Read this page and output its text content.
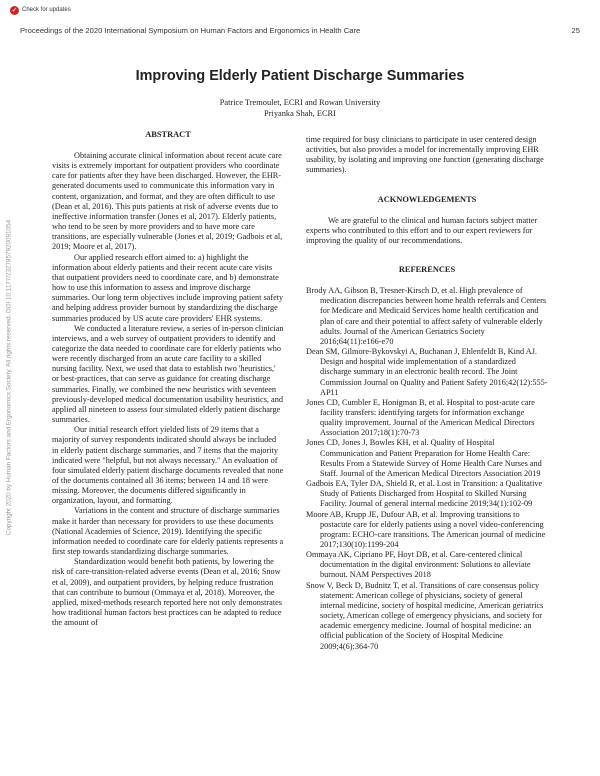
✓ Check for updates
Proceedings of the 2020 International Symposium on Human Factors and Ergonomics in Health Care	25
Copyright 2020 by Human Factors and Ergonomics Society. All rights reserved. DOI 10.1177/2327857920091054
Improving Elderly Patient Discharge Summaries
Patrice Tremoulet, ECRI and Rowan University
Priyanka Shah, ECRI
ABSTRACT

Obtaining accurate clinical information about recent acute care visits is extremely important for outpatient providers who coordinate care for patients after they have been discharged. However, the EHR-generated documents used to communicate this information vary in content, organization, and format, and they are often difficult to use (Dean et al, 2016). This puts patients at risk of adverse events due to ineffective information transfer (Jones et al, 2017). Elderly patients, who tend to be seen by more providers and to have more care transitions, are especially vulnerable (Jones et al, 2019; Gadbois et al, 2019; Moore et al, 2017).

Our applied research effort aimed to: a) highlight the information about elderly patients and their recent acute care visits that outpatient providers need to coordinate care, and b) demonstrate how to use this information to assess and improve discharge summaries. Our long term objectives include improving patient safety and helping address provider burnout by standardizing the discharge summaries produced by US acute care providers' EHR systems.

We conducted a literature review, a series of in-person clinician interviews, and a web survey of outpatient providers to identify and categorize the data needed to coordinate care for elderly patients who were recently discharged from an acute care facility to a skilled nursing facility. Next, we used that data to establish two 'heuristics,' or best-practices, that can serve as guidance for creating discharge summaries. Finally, we combined the new heuristics with seventeen previously-developed medical documentation usability heuristics, and applied all nineteen to assess four simulated elderly patient discharge summaries.

Our initial research effort yielded lists of 29 items that a majority of survey respondents indicated should always be included in elderly patient discharge summaries, and 7 items that the majority indicated were "helpful, but not always necessary." An evaluation of four simulated elderly patient discharge documents revealed that none of the documents contained all 36 items; between 14 and 18 were missing. Moreover, the documents differed significantly in organization, layout, and formatting.

Variations in the content and structure of discharge summaries make it harder than necessary for providers to use these documents (National Academies of Science, 2019). Identifying the specific information needed to coordinate care for elderly patients represents a first step towards standardizing discharge summaries.

Standardization would benefit both patients, by lowering the risk of care-transition-related adverse events (Dean et al, 2016; Snow et al, 2009), and outpatient providers, by helping reduce frustration that can contribute to burnout (Ommaya et al, 2018). Moreover, the applied, mixed-methods research reported here not only demonstrates how traditional human factors best practices can be adapted to reduce the amount of

time required for busy clinicians to participate in user centered design activities, but also provides a model for incrementally improving EHR usability, by isolating and improving one function (generating discharge summaries).

ACKNOWLEDGEMENTS

We are grateful to the clinical and human factors subject matter experts who contributed to this effort and to our expert reviewers for improving the quality of our recommendations.

REFERENCES
Brody AA, Gibson B, Tresner-Kirsch D, et al. High prevalence of medication discrepancies between home health referrals and Centers for Medicare and Medicaid Services home health certification and plan of care and their potential to affect safety of vulnerable elderly adults. Journal of the American Geriatrics Society 2016;64(11):e166-e70
Dean SM, Gilmore-Bykovskyi A, Buchanan J, Ehlenfeldt B, Kind AJ. Design and hospital wide implementation of a standardized discharge summary in an electronic health record. The Joint Commission Journal on Quality and Patient Safety 2016;42(12):555-AP11
Jones CD, Cumbler E, Honigman B, et al. Hospital to post-acute care facility transfers: identifying targets for information exchange quality improvement. Journal of the American Medical Directors Association 2017;18(1):70-73
Jones CD, Jones J, Bowles KH, et al. Quality of Hospital Communication and Patient Preparation for Home Health Care: Results From a Statewide Survey of Home Health Care Nurses and Staff. Journal of the American Medical Directors Association 2019
Gadbois EA, Tyler DA, Shield R, et al. Lost in Transition: a Qualitative Study of Patients Discharged from Hospital to Skilled Nursing Facility. Journal of general internal medicine 2019;34(1):102-09
Moore AB, Krupp JE, Dufour AB, et al. Improving transitions to postacute care for elderly patients using a novel video-conferencing program: ECHO-care transitions. The American journal of medicine 2017;130(10):1199-204
Ommaya AK, Cipriano PF, Hoyt DB, et al. Care-centered clinical documentation in the digital environment: Solutions to alleviate burnout. NAM Perspectives 2018
Snow V, Beck D, Budnitz T, et al. Transitions of care consensus policy statement: American college of physicians, society of general internal medicine, society of hospital medicine, American geriatrics society, American college of emergency physicians, and society for academic emergency medicine. Journal of hospital medicine: an official publication of the Society of Hospital Medicine 2009;4(6):364-70
